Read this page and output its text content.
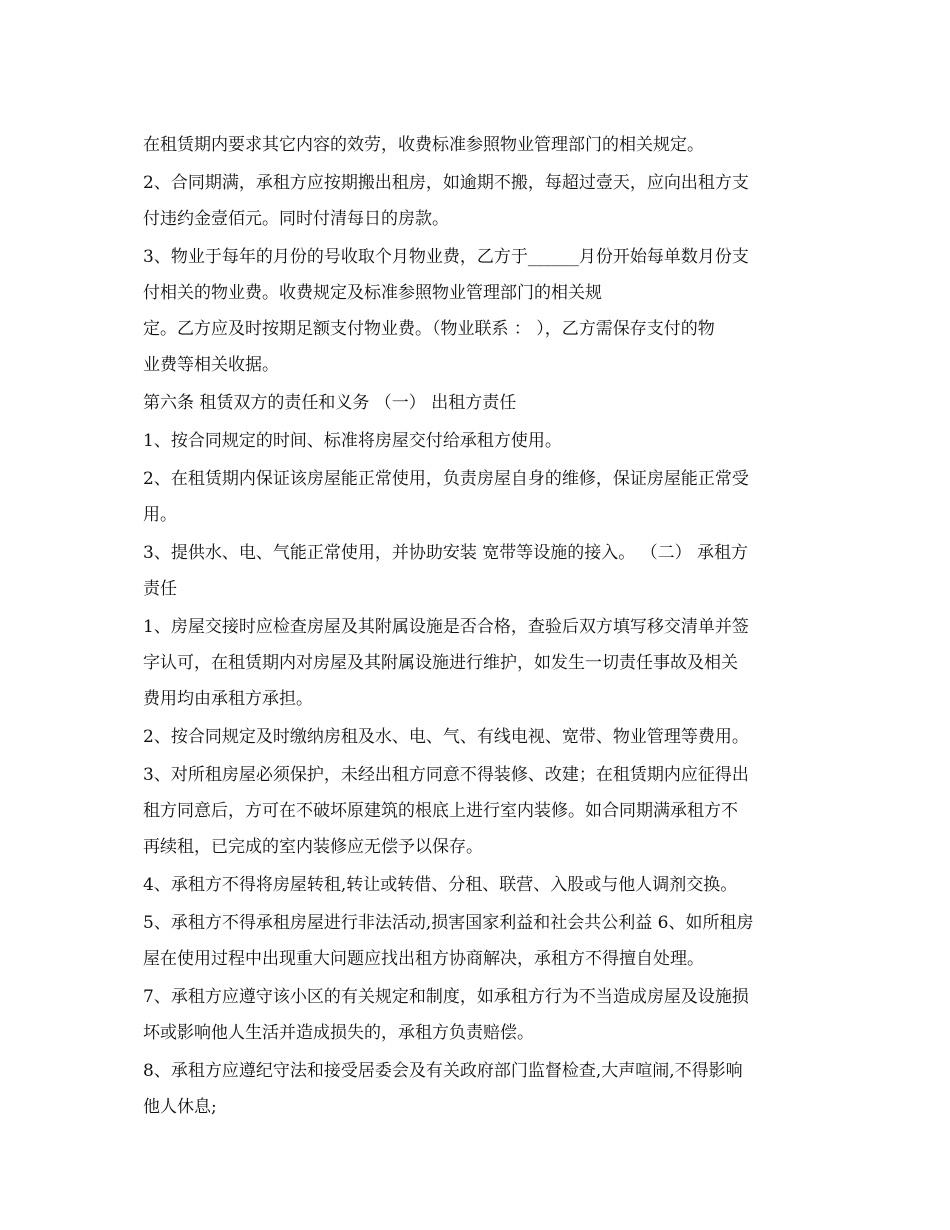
在租赁期内要求其它内容的效劳，收费标准参照物业管理部门的相关规定。
2、合同期满，承租方应按期搬出租房，如逾期不搬，每超过壹天，应向出租方支
付违约金壹佰元。同时付清每日的房款。
3、物业于每年的月份的号收取个月物业费，乙方于______月份开始每单数月份支
付相关的物业费。收费规定及标准参照物业管理部门的相关规
定。乙方应及时按期足额支付物业费。（物业联系 ： ），乙方需保存支付的物
业费等相关收据。
第六条 租赁双方的责任和义务 （一） 出租方责任
1、按合同规定的时间、标准将房屋交付给承租方使用。
2、在租赁期内保证该房屋能正常使用，负责房屋自身的维修，保证房屋能正常受
用。
3、提供水、电、气能正常使用，并协助安装 宽带等设施的接入。 （二） 承租方
责任
1、房屋交接时应检查房屋及其附属设施是否合格，查验后双方填写移交清单并签
字认可，在租赁期内对房屋及其附属设施进行维护，如发生一切责任事故及相关
费用均由承租方承担。
2、按合同规定及时缴纳房租及水、电、气、有线电视、宽带、物业管理等费用。
3、对所租房屋必须保护，未经出租方同意不得装修、改建；在租赁期内应征得出
租方同意后，方可在不破坏原建筑的根底上进行室内装修。如合同期满承租方不
再续租，已完成的室内装修应无偿予以保存。
4、承租方不得将房屋转租,转让或转借、分租、联营、入股或与他人调剂交换。
5、承租方不得承租房屋进行非法活动,损害国家利益和社会共公利益 6、如所租房
屋在使用过程中出现重大问题应找出租方协商解决，承租方不得擅自处理。
7、承租方应遵守该小区的有关规定和制度，如承租方行为不当造成房屋及设施损
坏或影响他人生活并造成损失的，承租方负责赔偿。
8、承租方应遵纪守法和接受居委会及有关政府部门监督检查,大声喧闹,不得影响
他人休息;
